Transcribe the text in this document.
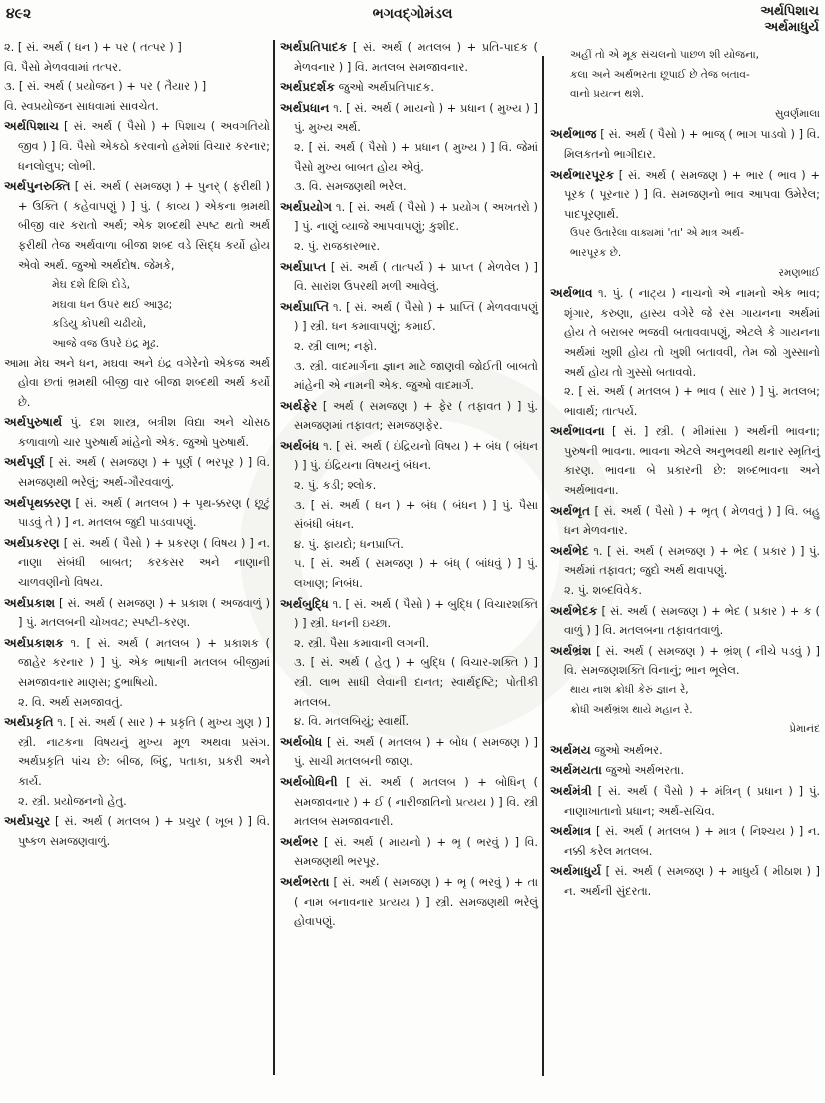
૪૯૨	ભગવદ્ગોમંડલ	અર્થપિશાચ
અર્થમાધુર્ય
૨. [ સં. અર્થ ( ધન ) + પર ( તત્પર ) ]
વિ. પૈસો મેળવવામાં તત્પર.
૩. [ સં. અર્થ ( પ્રયોજન ) + પર ( તૈયાર ) ]
વિ. સ્વપ્રયોજન સાધવામાં સાવચેત.
અર્થપિશાચ [ સં. અર્થ ( પૈસો ) + પિશાચ ( અવગતિયો જીવ ) ] વિ. પૈસો એકઠો કરવાનો હમેશાં વિચાર કરનાર; ધનલોલુપ; લોભી.
અર્થપુનરુક્તિ [ સં. અર્થ ( સમજણ ) + પુનર્ ( ફરીથી ) + ઉક્તિ ( કહેવાપણું ) ] પું. ( કાવ્ય ) એકના ભ્રમથી બીજી વાર કરાતો અર્થ; એક શબ્દથી સ્પષ્ટ થતો અર્થ ફરીથી તેજ અર્થવાળા બીજા શબ્દ વડે સિદ્ધ કર્યો હોય એવો અર્થ. જુઓ અર્થદોષ. જેમકે,
મેઘ દશે દિશિ દોડે,
મઘવા ધન ઉપર થઈ આરૂઢ;
કડિયુ કોપથી ચઢીયો,
આજે વજ ઉપરે ઇંદ્ર મૂઢ.
આમા મેઘ અને ધન, મઘવા અને ઇંદ્ર વગેરેનો એકજ અર્થ હોવા છતાં ભ્રમથી બીજી વાર બીજા શબ્દથી અર્થ કર્યો છે.
અર્થપુરુષાર્થ પું. દશ શાસ્ત્ર, બત્રીશ વિદ્યા અને ચોસઠ કળાવાળો ચાર પુરુષાર્થ માંહેનો એક. જુઓ પુરુષાર્થ.
અર્થપૂર્ણ [ સં. અર્થ ( સમજણ ) + પૂર્ણ ( ભરપૂર ) ] વિ. સમજણથી ભરેલું; અર્થ-ગૌરવવાળું.
અર્થપૃથક્કરણ [ સં. અર્થ ( મતલબ ) + પૃથ-ક્કરણ ( છૂટું પાડવું તે ) ] ન. મતલબ જુદી પાડવાપણું.
અર્થપ્રકરણ [ સં. અર્થ ( પૈસો ) + પ્રકરણ ( વિષય ) ] ન. નાણા સંબંધી બાબત; કરકસર અને નાણાની ચાળવણીનો વિષય.
અર્થપ્રકાશ [ સં. અર્થ ( સમજણ ) + પ્રકાશ ( અજવાળું ) ] પું. મતલબની ચોખવટ; સ્પષ્ટી-કરણ.
અર્થપ્રકાશક ૧. [ સં. અર્થ ( મતલબ ) + પ્રકાશક ( જાહેર કરનાર ) ] પું. એક ભાષાની મતલબ બીજીમાં સમજાવનાર માણસ; દુભાષિયો.
૨. વિ. અર્થ સમજાવતું.
અર્થપ્રકૃતિ ૧. [ સં. અર્થ ( સાર ) + પ્રકૃતિ ( મુખ્ય ગુણ ) ] સ્ત્રી. નાટકના વિષયનું મુખ્ય મૂળ અથવા પ્રસંગ. અર્થપ્રકૃતિ પાંચ છે: બીજ, બિંદુ, પતાકા, પ્રકરી અને કાર્ય.
૨. સ્ત્રી. પ્રયોજનનો હેતુ.
અર્થપ્રચુર [ સં. અર્થ ( મતલબ ) + પ્રચુર ( ખૂબ ) ] વિ. પુષ્કળ સમજણવાળું.
અર્થપ્રતિપાદક [ સં. અર્થ ( મતલબ ) + પ્રતિ-પાદક ( મેળવનાર ) ] વિ. મતલબ સમજાવનાર.
અર્થપ્રદર્શક જુઓ અર્થપ્રતિપાદક.
અર્થપ્રધાન ૧. [ સં. અર્થ ( માયનો ) + પ્રધાન ( મુખ્ય ) ] પું. મુખ્ય અર્થ.
૨. [ સં. અર્થ ( પૈસો ) + પ્રધાન ( મુખ્ય ) ] વિ. જેમાં પૈસો મુખ્ય બાબત હોય એવું.
૩. વિ. સમજણથી ભરેલ.
અર્થપ્રયોગ ૧. [ સં. અર્થ ( પૈસો ) + પ્રયોગ ( અખતરો ) ] પું. નાણું વ્યાજે આપવાપણું; કુશીદ.
૨. પું. રાજકારભાર.
અર્થપ્રાપ્ત [ સં. અર્થ ( તાત્પર્ય ) + પ્રાપ્ત ( મેળવેલ ) ] વિ. સારાંશ ઉપરથી મળી આવેલું.
અર્થપ્રાપ્તિ ૧. [ સં. અર્થ ( પૈસો ) + પ્રાપ્તિ ( મેળવવાપણું ) ] સ્ત્રી. ધન કમાવાપણું; કમાઈ.
૨. સ્ત્રી લાભ; નફો.
૩. સ્ત્રી. વાદમાર્ગના જ્ઞાન માટે જાણવી જોઈતી બાબતો માંહેની એ નામની એક. જુઓ વાદમાર્ગ.
અર્થફેર [ અર્થ ( સમજણ ) + ફેર ( તફાવત ) ] પું. સમજણમાં તફાવત; સમજણફેર.
અર્થબંધ ૧. [ સં. અર્થ ( ઇંદ્રિયનો વિષય ) + બંધ ( બંધન ) ] પું. ઇંદ્રિયના વિષયનું બંધન.
૨. પું. કડી; શ્લોક.
૩. [ સં. અર્થ ( ધન ) + બંધ ( બંધન ) ] પું. પૈસા સંબંધી બંધન.
૪. પું. ફાયદો; ધનપ્રાપ્તિ.
૫. [ સં. અર્થ ( સમજણ ) + બંધ્ ( બાંધવું ) ] પું. લખાણ; નિબંધ.
અર્થબુદ્ધિ ૧. [ સં. અર્થ ( પૈસો ) + બુદ્ધિ ( વિચારશક્તિ ) ] સ્ત્રી. ધનની ઇચ્છા.
૨. સ્ત્રી. પૈસા કમાવાની લગની.
૩. [ સં. અર્થ ( હેતુ ) + બુદ્ધિ ( વિચાર-શક્તિ ) ] સ્ત્રી. લાભ સાધી લેવાની દાનત; સ્વાર્થદૃષ્ટિ; પોતીકી મતલબ.
૪. વિ. મતલબિયું; સ્વાર્થી.
અર્થબોધ [ સં. અર્થ ( મતલબ ) + બોધ ( સમજણ ) ] પું. સાચી મતલબની જાણ.
અર્થબોધિની [ સં. અર્થ ( મતલબ ) + બોધિન્ ( સમજાવનાર ) + ઈ ( નારીજાતિનો પ્રત્યય ) ] વિ. સ્ત્રી મતલબ સમજાવનારી.
અર્થભર [ સં. અર્થ ( માયનો ) + ભૃ ( ભરવું ) ] વિ. સમજણથી ભરપૂર.
અર્થભરતા [ સં. અર્થ ( સમજણ ) + ભૃ ( ભરવું ) + તા ( નામ બનાવનાર પ્રત્યય ) ] સ્ત્રી. સમજણથી ભરેલું હોવાપણું.
અહીં તો એ મૂક સંચલનો પાછળ શી યોજના,
કલા અને અર્થભરતા છૂપાઈ છે તેજ બતાવ-
વાનો પ્રયત્ન થશે.
સુવર્ણમાલા
અર્થભાજ [ સં. અર્થ ( પૈસો ) + ભાજ્ ( ભાગ પાડવો ) ] વિ. મિલકતનો ભાગીદાર.
અર્થભારપૂરક [ સં. અર્થ ( સમજણ ) + ભાર ( ભાવ ) + પૂરક ( પૂરનાર ) ] વિ. સમજણનો ભાવ આપવા ઉમેરેલ; પાદપૂરણાર્થ.
ઉપર ઉતારેલા વાક્યમાં 'તા' એ માત્ર અર્થ-
ભારપૂરક છે.
રમણભાઈ
અર્થભાવ ૧. પું. ( નાટ્ય ) નાચનો એ નામનો એક ભાવ; શૃંગાર, કરુણા, હાસ્ય વગેરે જે રસ ગાયનના અર્થમાં હોય તે બરાબર ભજવી બતાવવાપણું, એટલે કે ગાયનના અર્થમાં ખુશી હોય તો ખુશી બતાવવી, તેમ જો ગુસ્સાનો અર્થ હોય તો ગુસ્સો બતાવવો.
૨. [ સં. અર્થ ( મતલબ ) + ભાવ ( સાર ) ] પું. મતલબ; ભાવાર્થ; તાત્પર્ય.
અર્થભાવના [ સં. ] સ્ત્રી. ( મીમાંસા ) અર્થની ભાવના; પુરુષની ભાવના. ભાવના એટલે અનુભવથી થનાર સ્મૃતિનું કારણ. ભાવના બે પ્રકારની છે: શબ્દભાવના અને અર્થભાવના.
અર્થભૃત [ સં. અર્થ ( પૈસો ) + ભૃત્ ( મેળવતું ) ] વિ. બહુ ધન મેળવનાર.
અર્થભેદ ૧. [ સં. અર્થ ( સમજણ ) + ભેદ ( પ્રકાર ) ] પું. અર્થમાં તફાવત; જુદો અર્થ થવાપણું.
૨. પું. શબ્દવિવેક.
અર્થભેદક [ સં. અર્થ ( સમજણ ) + ભેદ ( પ્રકાર ) + ક ( વાળું ) ] વિ. મતલબના તફાવતવાળું.
અર્થભ્રંશ [ સં. અર્થ ( સમજણ ) + ભ્રંશ્ ( નીચે પડવું ) ] વિ. સમજણશક્તિ વિનાનું; ભાન ભૂલેલ.
થાય નાશ ક્રોધી કેરું જ્ઞાન રે,
ક્રોધી અર્થભ્રંશ થાયે મહાન રે.
પ્રેમાનંદ
અર્થમય જુઓ અર્થભર.
અર્થમયતા જુઓ અર્થભરતા.
અર્થમંત્રી [ સં. અર્થ ( પૈસો ) + મંત્રિન્ ( પ્રધાન ) ] પું. નાણાખાતાનો પ્રધાન; અર્થ-સચિવ.
અર્થમાત્ર [ સં. અર્થ ( મતલબ ) + માત્ર ( નિશ્ચય ) ] ન. નક્કી કરેલ મતલબ.
અર્થમાધુર્ય [ સં. અર્થ ( સમજણ ) + માધુર્ય ( મીઠાશ ) ] ન. અર્થની સુંદરતા.
